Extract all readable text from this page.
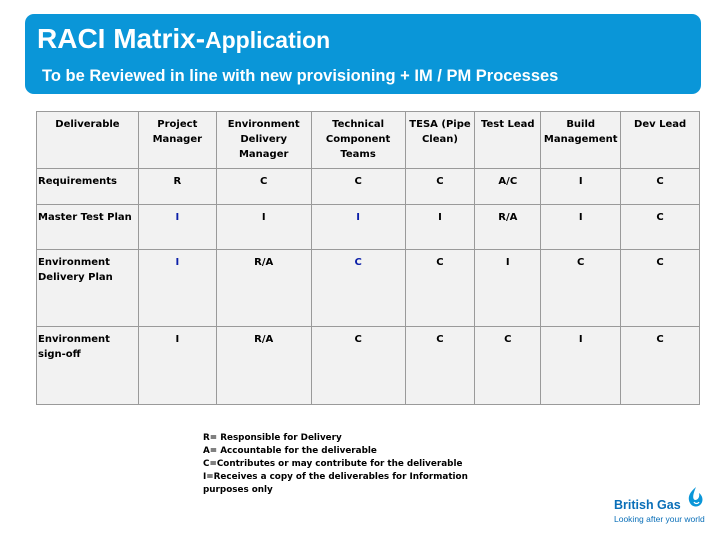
RACI Matrix-Application
To be Reviewed in line with new provisioning + IM / PM Processes
Deliverable	Project Manager	Environment Delivery Manager	Technical Component Teams	TESA (Pipe Clean)	Test Lead	Build Management	Dev Lead
Requirements	R	C	C	C	A/C	I	C
Master Test Plan	I	I	I	I	R/A	I	C
Environment Delivery Plan	I	R/A	C	C	I	C	C
Environment sign-off	I	R/A	C	C	C	I	C
R= Responsible for Delivery
A= Accountable for the deliverable
C=Contributes or may contribute for the deliverable
I=Receives a copy of the deliverables for Information purposes only
British Gas
Looking after your world
